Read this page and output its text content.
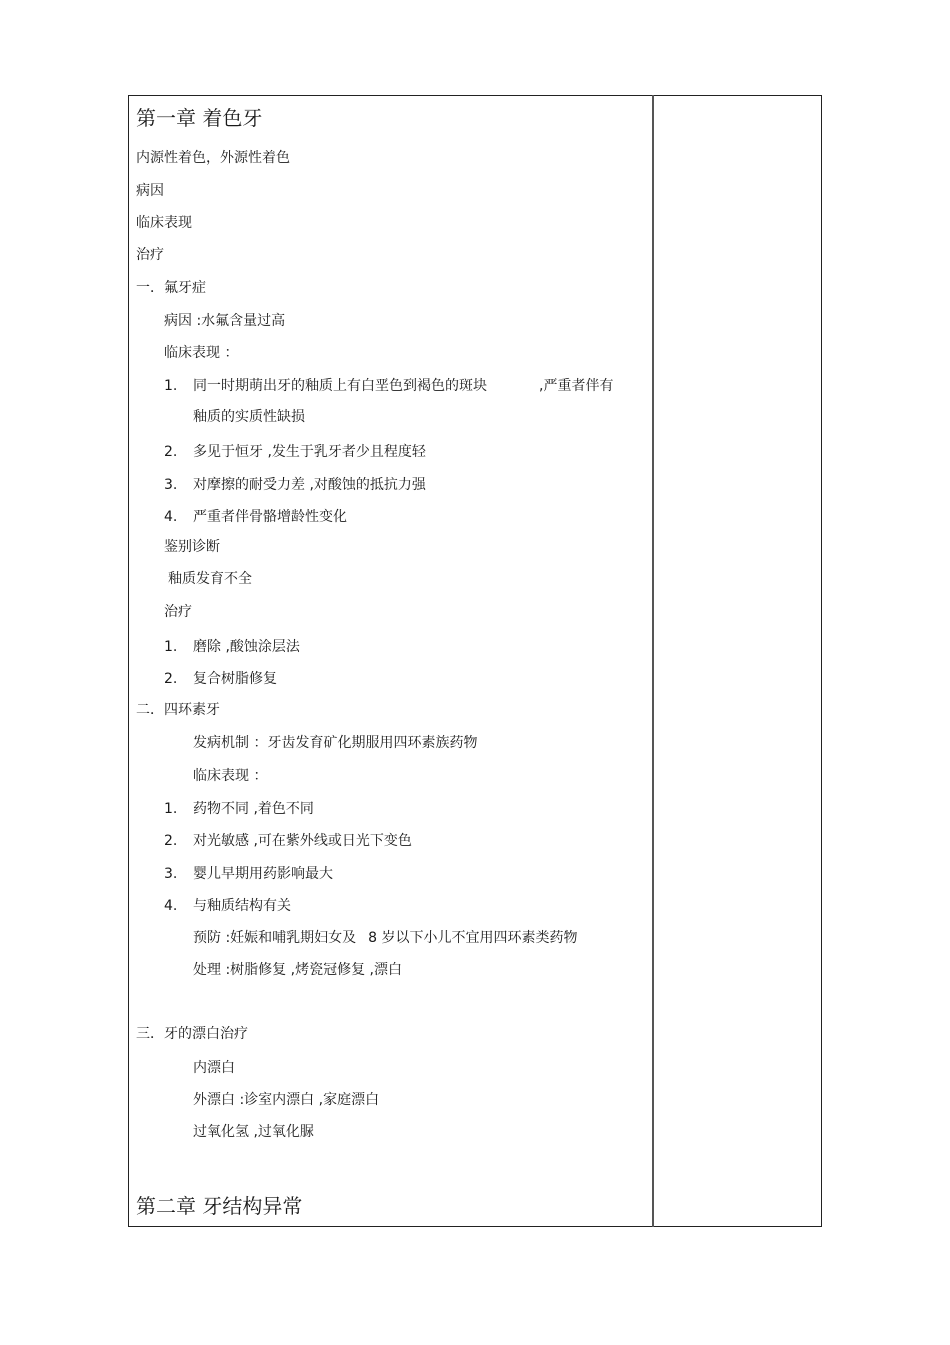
第一章 着色牙
内源性着色，外源性着色
病因
临床表现
治疗
一．氟牙症
病因 :水氟含量过高
临床表现 ：
1. 同一时期萌出牙的釉质上有白垩色到褐色的斑块	,严重者伴有
釉质的实质性缺损
2. 多见于恒牙 ,发生于乳牙者少且程度轻
3. 对摩擦的耐受力差 ,对酸蚀的抵抗力强
4. 严重者伴骨骼增龄性变化
鉴别诊断
釉质发育不全
治疗
1. 磨除 ,酸蚀涂层法
2. 复合树脂修复
二．四环素牙
发病机制 ：牙齿发育矿化期服用四环素族药物
临床表现 ：
1. 药物不同 ,着色不同
2. 对光敏感 ,可在紫外线或日光下变色
3. 婴儿早期用药影响最大
4. 与釉质结构有关
预防 :妊娠和哺乳期妇女及 8 岁以下小儿不宜用四环素类药物
处理 :树脂修复 ,烤瓷冠修复 ,漂白
三．牙的漂白治疗
内漂白
外漂白 :诊室内漂白 ,家庭漂白
过氧化氢 ,过氧化脲
第二章 牙结构异常
